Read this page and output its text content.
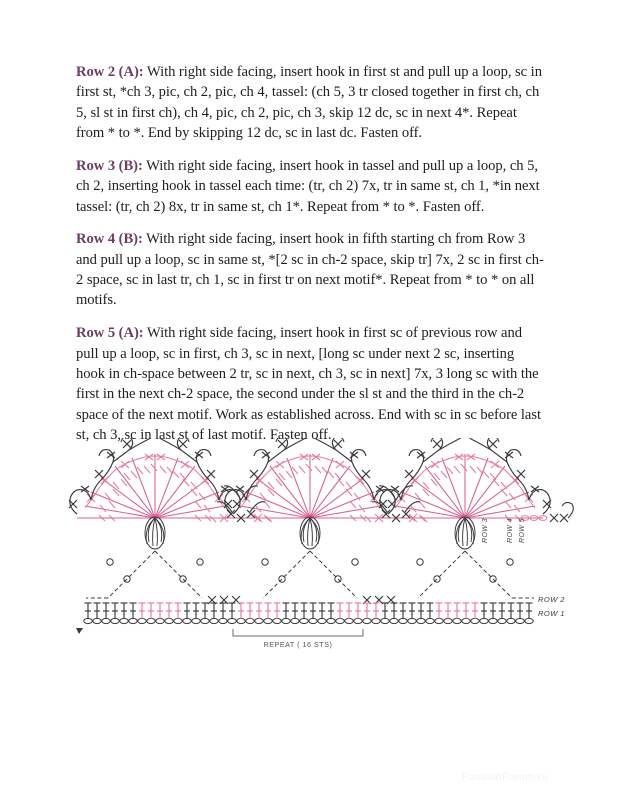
Row 2 (A): With right side facing, insert hook in first st and pull up a loop, sc in first st, *ch 3, pic, ch 2, pic, ch 4, tassel: (ch 5, 3 tr closed together in first ch, ch 5, sl st in first ch), ch 4, pic, ch 2, pic, ch 3, skip 12 dc, sc in next 4*. Repeat from * to *. End by skipping 12 dc, sc in last dc. Fasten off.

Row 3 (B): With right side facing, insert hook in tassel and pull up a loop, ch 5, ch 2, inserting hook in tassel each time: (tr, ch 2) 7x, tr in same st, ch 1, *in next tassel: (tr, ch 2) 8x, tr in same st, ch 1*. Repeat from * to *. Fasten off.

Row 4 (B): With right side facing, insert hook in fifth starting ch from Row 3 and pull up a loop, sc in same st, *[2 sc in ch-2 space, skip tr] 7x, 2 sc in first ch-2 space, sc in last tr, ch 1, sc in first tr on next motif*. Repeat from * to * on all motifs.

Row 5 (A): With right side facing, insert hook in first sc of previous row and pull up a loop, sc in first, ch 3, sc in next, [long sc under next 2 sc, inserting hook in ch-space between 2 tr, sc in next, ch 3, sc in next] 7x, 3 long sc with the first in the next ch-2 space, the second under the sl st and the third in the ch-2 space of the next motif. Work as established across. End with sc in sc before last st, ch 3, sc in last st of last motif. Fasten off.

REPEAT ( 16 STS)
ROW 3	ROW 4 ROW 5
ROW 2
ROW 1
PassionForum.ru
